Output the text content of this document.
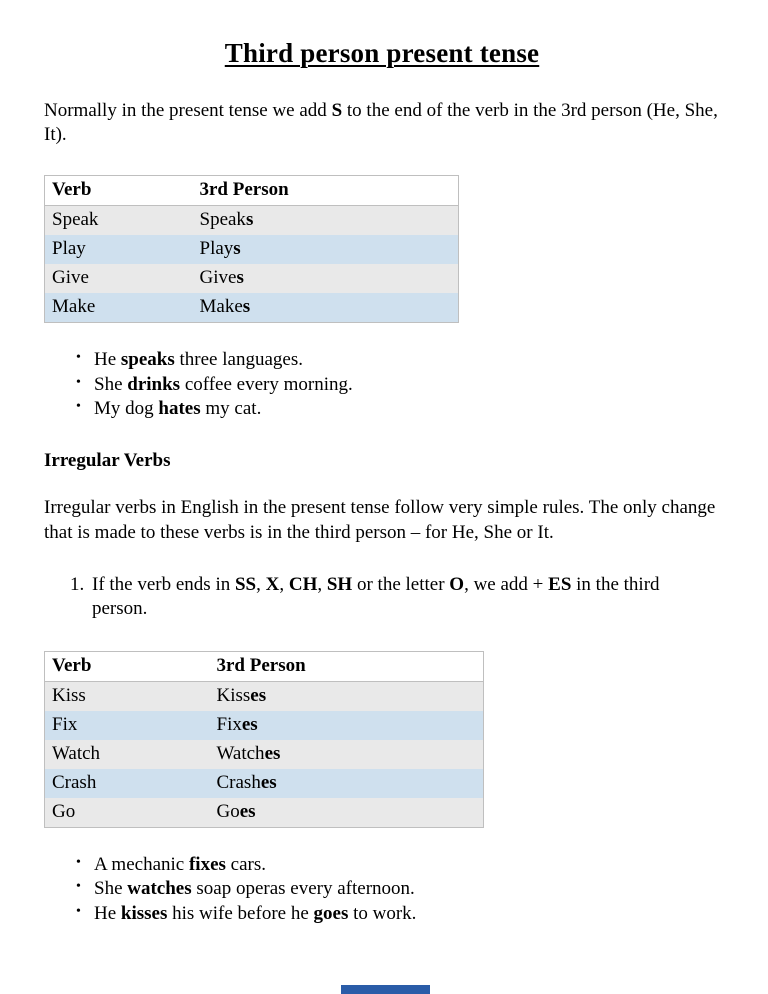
Third person present tense

Normally in the present tense we add S to the end of the verb in the 3rd person (He, She, It).

Verb	3rd Person
Speak	Speaks
Play	Plays
Give	Gives
Make	Makes
• He speaks three languages.
• She drinks coffee every morning.
• My dog hates my cat.
Irregular Verbs

Irregular verbs in English in the present tense follow very simple rules. The only change that is made to these verbs is in the third person – for He, She or It.

1. If the verb ends in SS, X, CH, SH or the letter O, we add + ES in the third person.
Verb	3rd Person
Kiss	Kisses
Fix	Fixes
Watch	Watches
Crash	Crashes
Go	Goes
• A mechanic fixes cars.
• She watches soap operas every afternoon.
• He kisses his wife before he goes to work.
